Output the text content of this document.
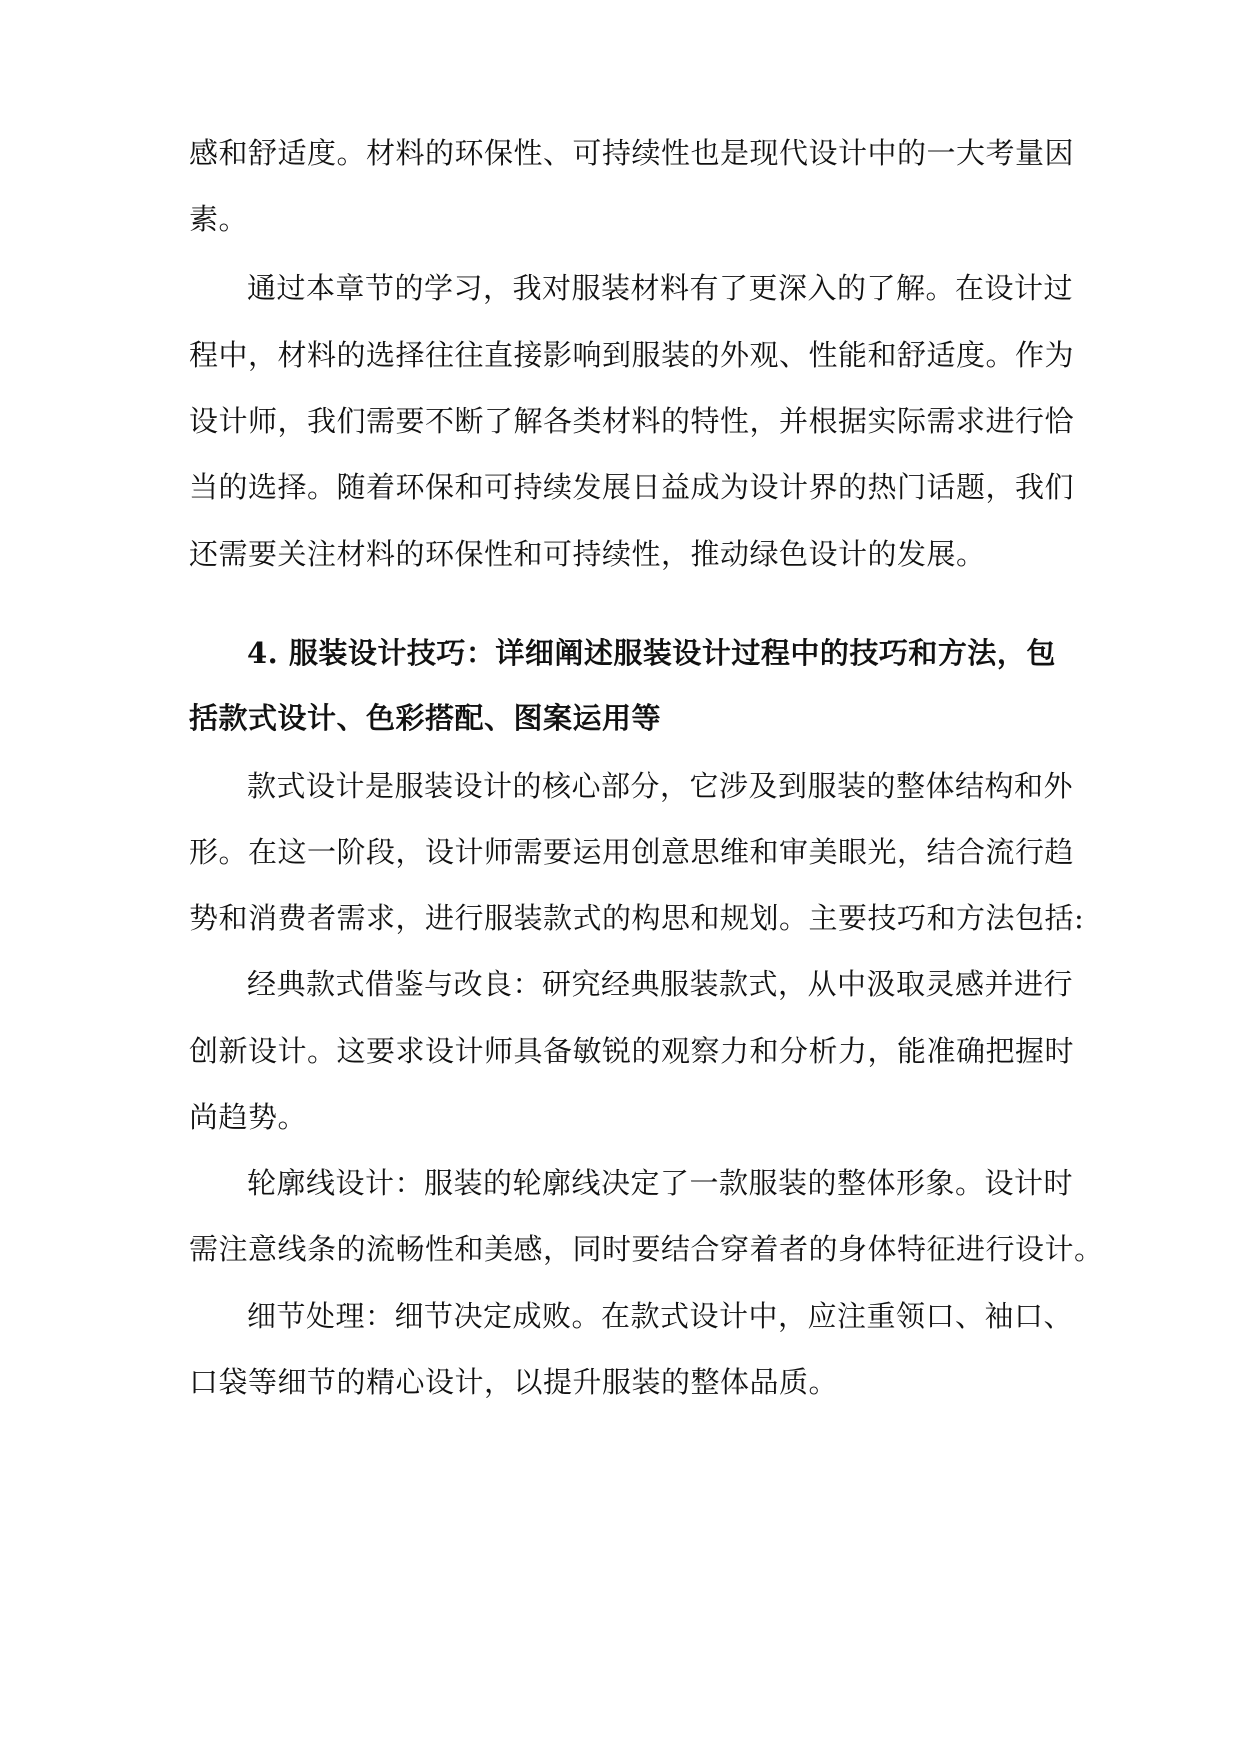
感和舒适度。材料的环保性、可持续性也是现代设计中的一大考量因
素。
通过本章节的学习，我对服装材料有了更深入的了解。在设计过
程中，材料的选择往往直接影响到服装的外观、性能和舒适度。作为
设计师，我们需要不断了解各类材料的特性，并根据实际需求进行恰
当的选择。随着环保和可持续发展日益成为设计界的热门话题，我们
还需要关注材料的环保性和可持续性，推动绿色设计的发展。
4. 服装设计技巧：详细阐述服装设计过程中的技巧和方法，包
括款式设计、色彩搭配、图案运用等
款式设计是服装设计的核心部分，它涉及到服装的整体结构和外
形。在这一阶段，设计师需要运用创意思维和审美眼光，结合流行趋
势和消费者需求，进行服装款式的构思和规划。主要技巧和方法包括:
经典款式借鉴与改良：研究经典服装款式，从中汲取灵感并进行
创新设计。这要求设计师具备敏锐的观察力和分析力，能准确把握时
尚趋势。
轮廓线设计：服装的轮廓线决定了一款服装的整体形象。设计时
需注意线条的流畅性和美感，同时要结合穿着者的身体特征进行设计。
细节处理：细节决定成败。在款式设计中，应注重领口、袖口、
口袋等细节的精心设计，以提升服装的整体品质。
